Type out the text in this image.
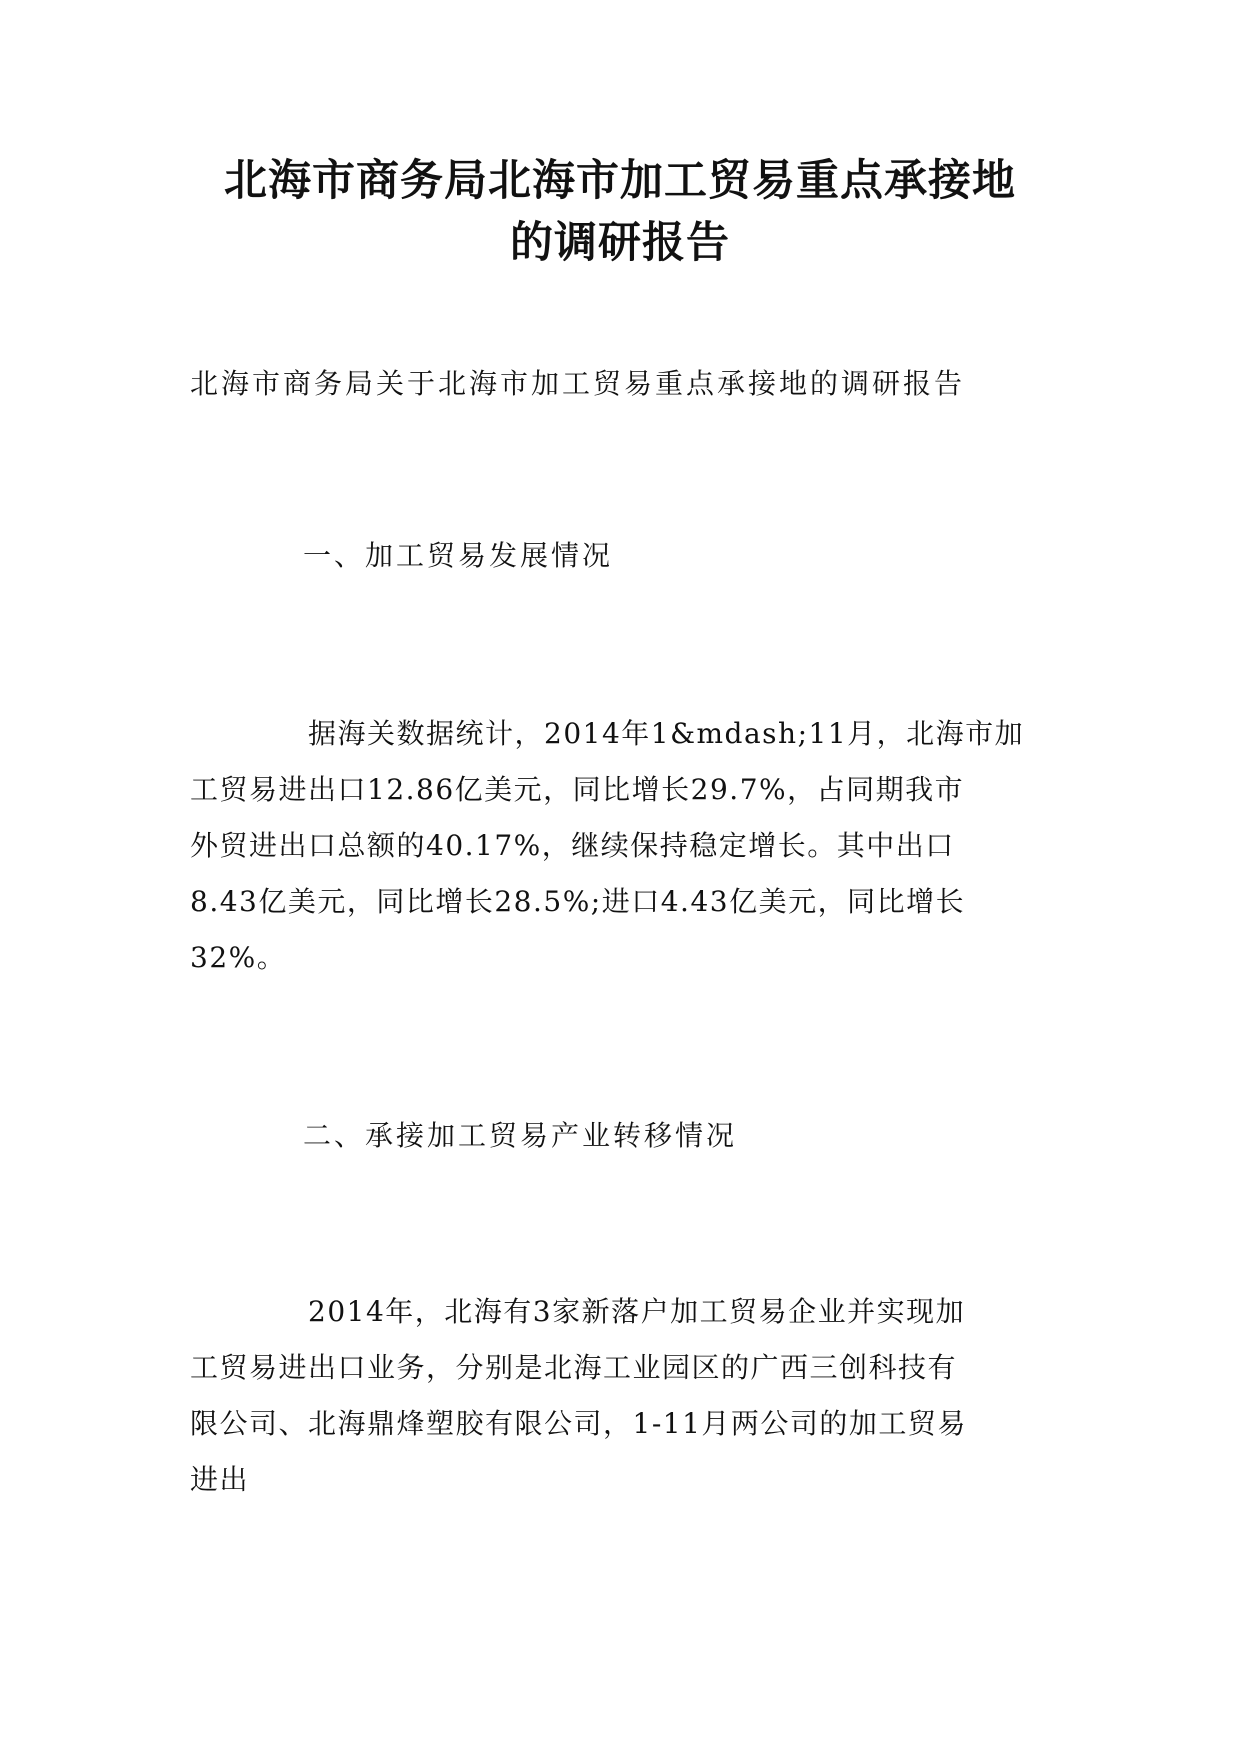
北海市商务局北海市加工贸易重点承接地
的调研报告

北海市商务局关于北海市加工贸易重点承接地的调研报告

一、加工贸易发展情况

　　　　据海关数据统计，2014年1&mdash;11月，北海市加
工贸易进出口12.86亿美元，同比增长29.7%，占同期我市
外贸进出口总额的40.17%，继续保持稳定增长。其中出口
8.43亿美元，同比增长28.5%;进口4.43亿美元，同比增长
32%。

二、承接加工贸易产业转移情况

　　　　2014年，北海有3家新落户加工贸易企业并实现加
工贸易进出口业务，分别是北海工业园区的广西三创科技有
限公司、北海鼎烽塑胶有限公司，1-11月两公司的加工贸易
进出
